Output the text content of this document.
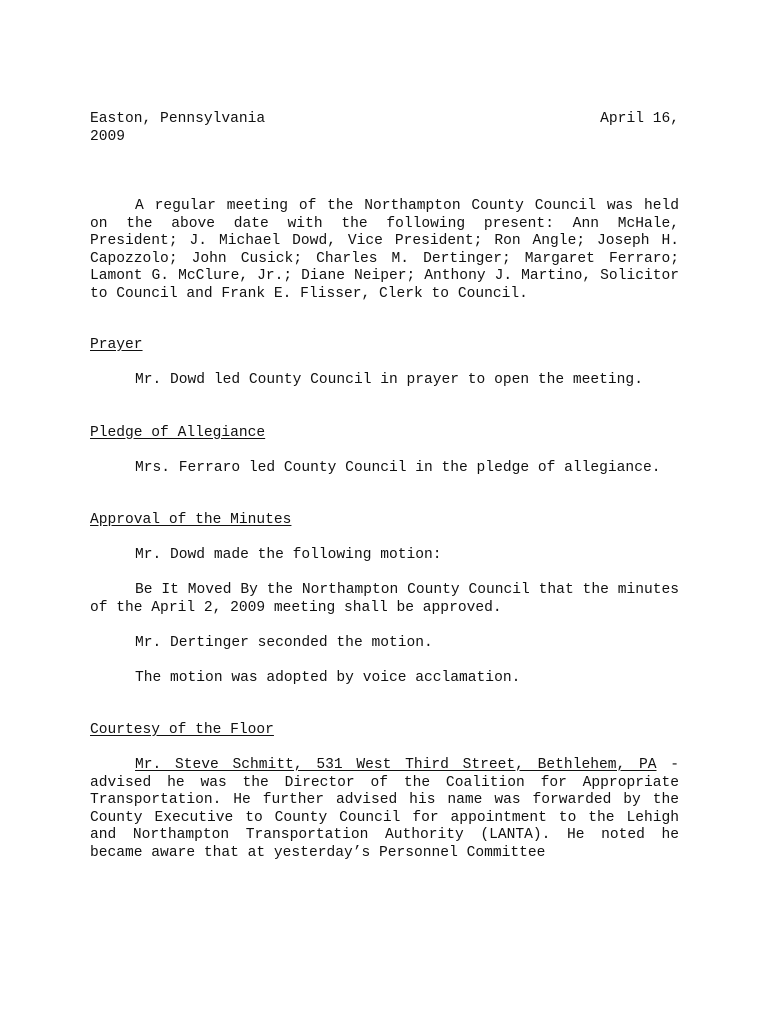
Easton, Pennsylvania	April 16,
2009

A regular meeting of the Northampton County Council was held on the above date with the following present: Ann McHale, President; J. Michael Dowd, Vice President; Ron Angle; Joseph H. Capozzolo; John Cusick; Charles M. Dertinger; Margaret Ferraro; Lamont G. McClure, Jr.; Diane Neiper; Anthony J. Martino, Solicitor to Council and Frank E. Flisser, Clerk to Council.

Prayer

Mr. Dowd led County Council in prayer to open the meeting.

Pledge of Allegiance

Mrs. Ferraro led County Council in the pledge of allegiance.

Approval of the Minutes

Mr. Dowd made the following motion:

Be It Moved By the Northampton County Council that the minutes of the April 2, 2009 meeting shall be approved.

Mr. Dertinger seconded the motion.

The motion was adopted by voice acclamation.

Courtesy of the Floor

Mr. Steve Schmitt, 531 West Third Street, Bethlehem, PA - advised he was the Director of the Coalition for Appropriate Transportation. He further advised his name was forwarded by the County Executive to County Council for appointment to the Lehigh and Northampton Transportation Authority (LANTA). He noted he became aware that at yesterday’s Personnel Committee
